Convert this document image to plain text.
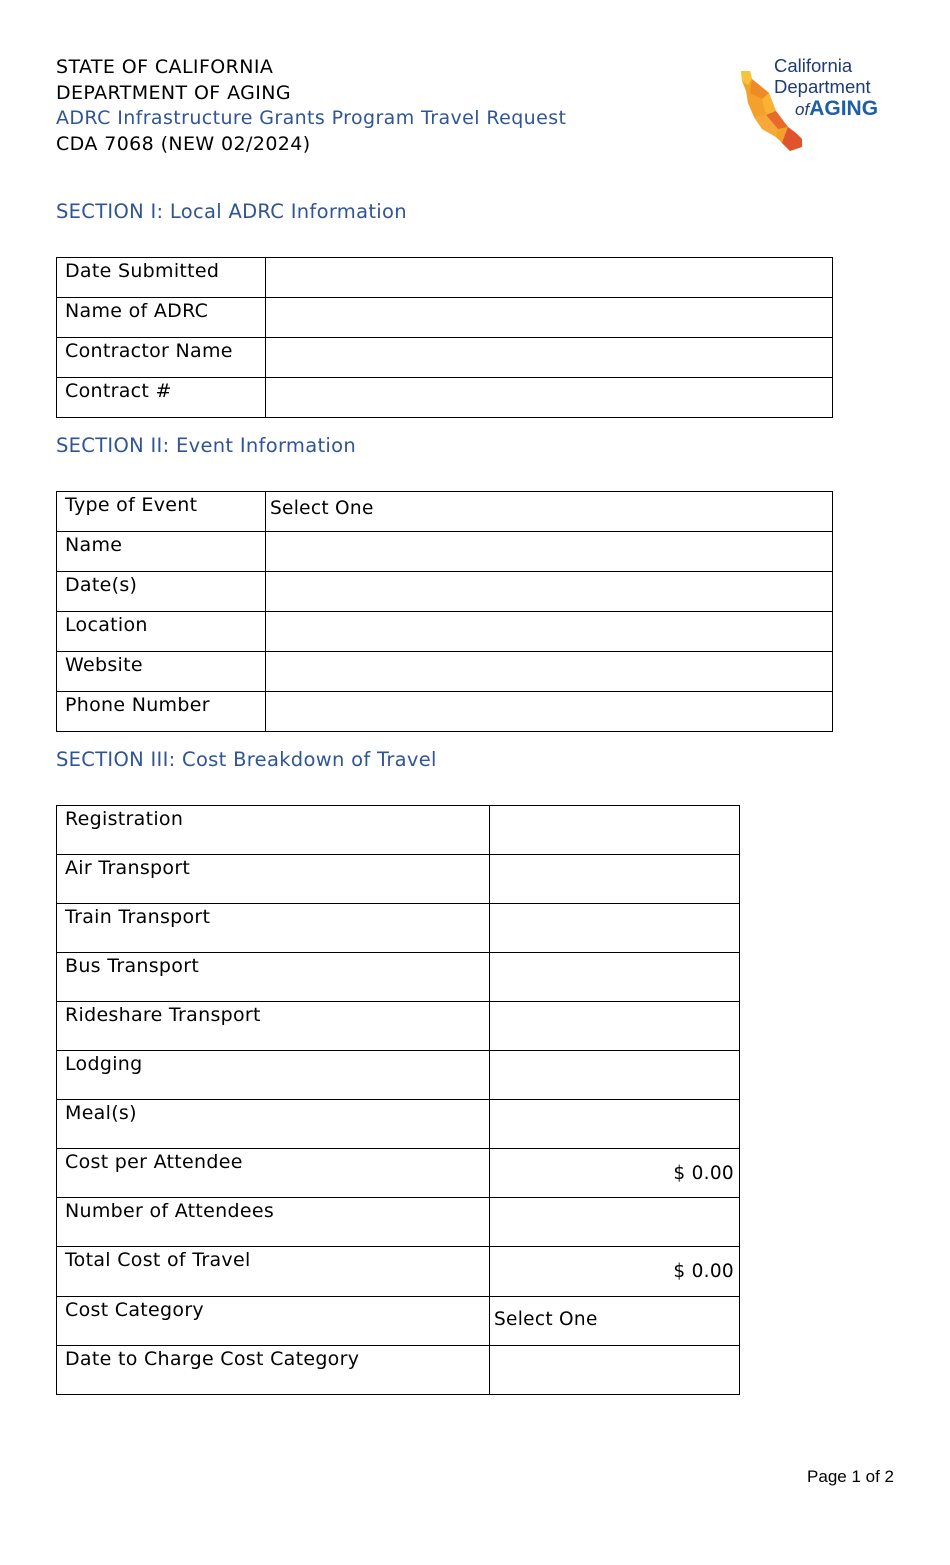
STATE OF CALIFORNIA
DEPARTMENT OF AGING
ADRC Infrastructure Grants Program Travel Request
CDA 7068 (NEW 02/2024)
California
Department
ofAGING
SECTION I: Local ADRC Information
Date Submitted	
Name of ADRC	
Contractor Name	
Contract #	
SECTION II: Event Information
Type of Event	Select One

Name	
Date(s)	
Location	
Website	
Phone Number	
SECTION III: Cost Breakdown of Travel
Registration	
Air Transport	
Train Transport	
Bus Transport	
Rideshare Transport	
Lodging	
Meal(s)	
Cost per Attendee	$ 0.00

Number of Attendees	
Total Cost of Travel	$ 0.00

Cost Category	Select One

Date to Charge Cost Category	
Page 1 of 2
